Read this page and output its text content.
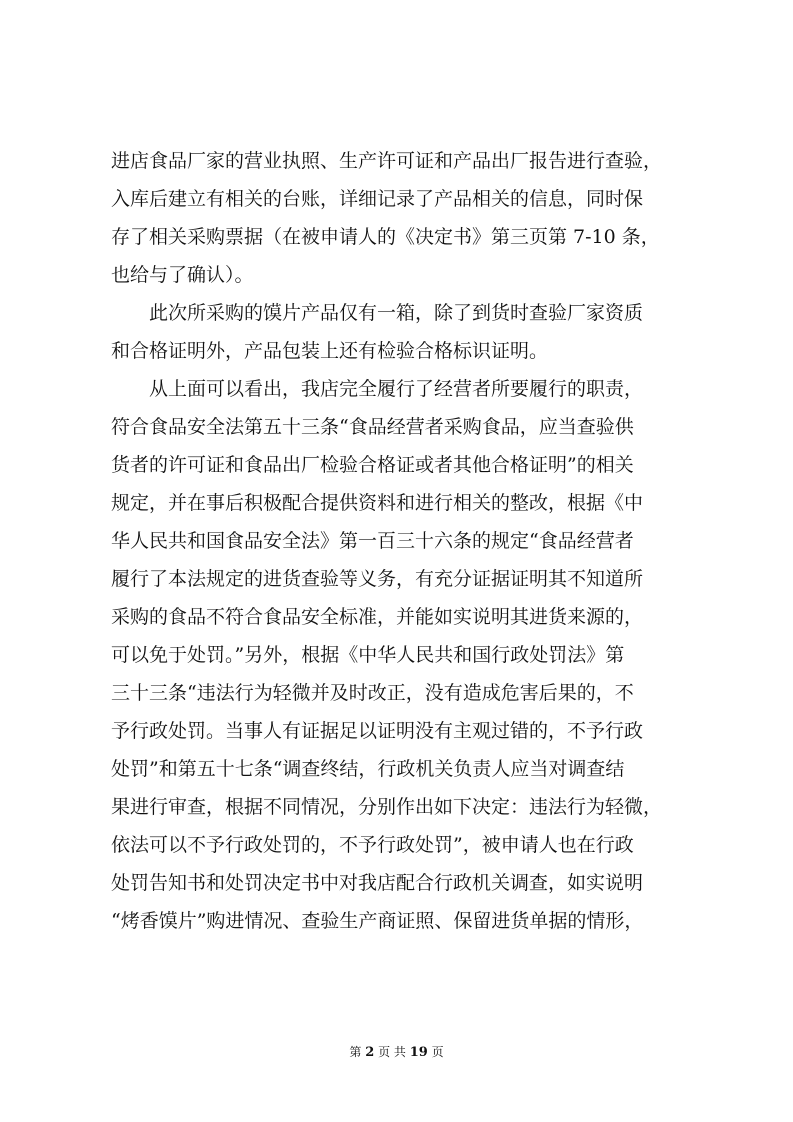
进店食品厂家的营业执照、生产许可证和产品出厂报告进行查验，
入库后建立有相关的台账，详细记录了产品相关的信息，同时保
存了相关采购票据（在被申请人的《决定书》第三页第 7-10 条，
也给与了确认）。
此次所采购的馍片产品仅有一箱，除了到货时查验厂家资质
和合格证明外，产品包装上还有检验合格标识证明。
从上面可以看出，我店完全履行了经营者所要履行的职责，
符合食品安全法第五十三条“食品经营者采购食品，应当查验供
货者的许可证和食品出厂检验合格证或者其他合格证明”的相关
规定，并在事后积极配合提供资料和进行相关的整改，根据《中
华人民共和国食品安全法》第一百三十六条的规定“食品经营者
履行了本法规定的进货查验等义务，有充分证据证明其不知道所
采购的食品不符合食品安全标准，并能如实说明其进货来源的，
可以免于处罚。”另外，根据《中华人民共和国行政处罚法》第
三十三条“违法行为轻微并及时改正，没有造成危害后果的，不
予行政处罚。当事人有证据足以证明没有主观过错的，不予行政
处罚”和第五十七条“调查终结，行政机关负责人应当对调查结
果进行审查，根据不同情况，分别作出如下决定：违法行为轻微，
依法可以不予行政处罚的，不予行政处罚”，被申请人也在行政
处罚告知书和处罚决定书中对我店配合行政机关调查，如实说明
“烤香馍片”购进情况、查验生产商证照、保留进货单据的情形，
第 2 页 共 19 页
